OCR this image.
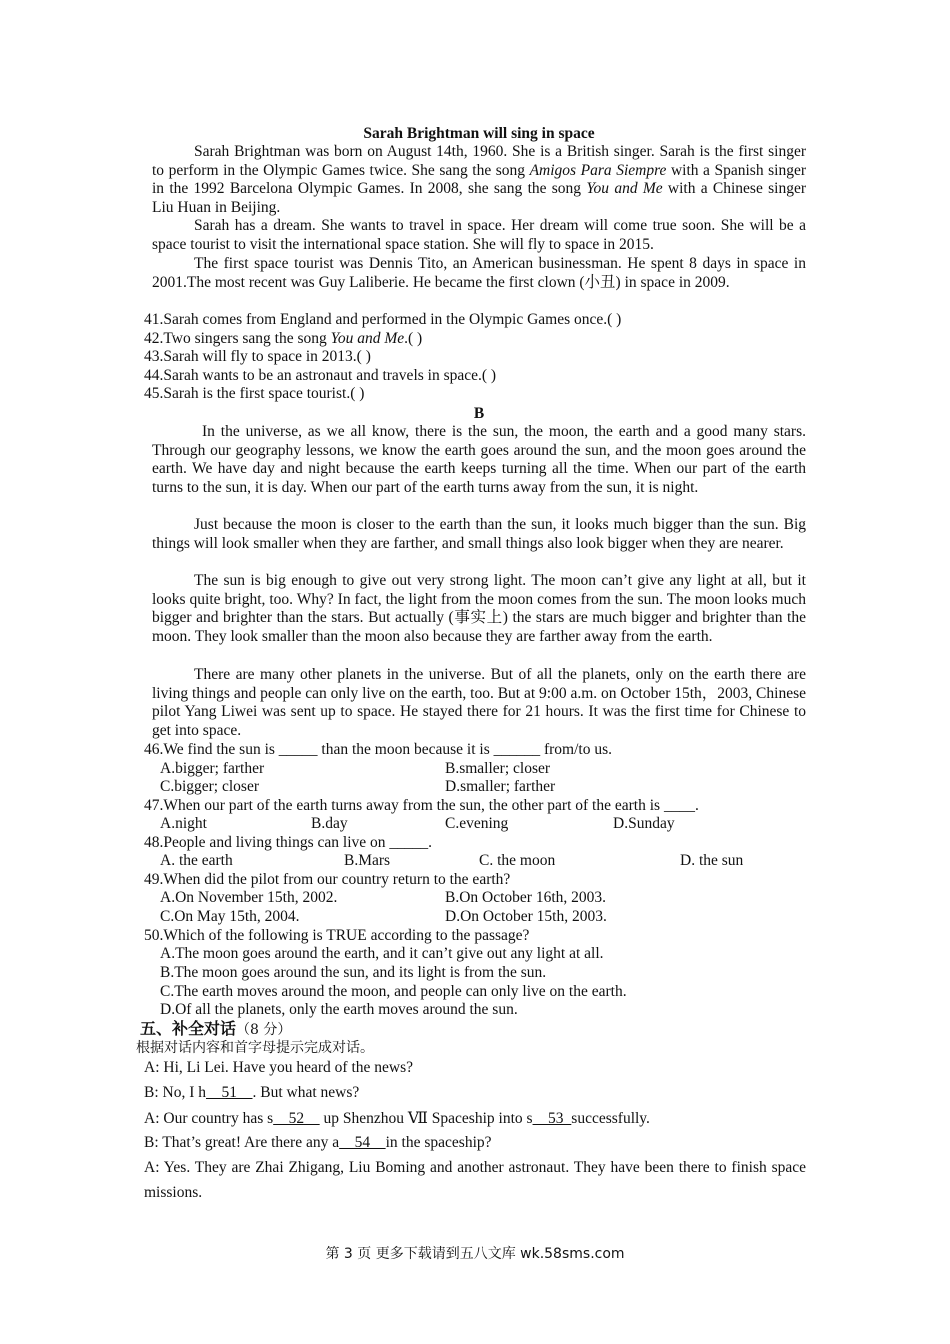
Sarah Brightman will sing in space

Sarah Brightman was born on August 14th, 1960. She is a British singer. Sarah is the first singer to perform in the Olympic Games twice. She sang the song Amigos Para Siempre with a Spanish singer in the 1992 Barcelona Olympic Games. In 2008, she sang the song You and Me with a Chinese singer Liu Huan in Beijing.

Sarah has a dream. She wants to travel in space. Her dream will come true soon. She will be a space tourist to visit the international space station. She will fly to space in 2015.

The first space tourist was Dennis Tito, an American businessman. He spent 8 days in space in 2001.The most recent was Guy Laliberie. He became the first clown (小丑) in space in 2009.

41.Sarah comes from England and performed in the Olympic Games once.( )
42.Two singers sang the song You and Me.( )
43.Sarah will fly to space in 2013.( )
44.Sarah wants to be an astronaut and travels in space.( )
45.Sarah is the first space tourist.( )
B

In the universe, as we all know, there is the sun, the moon, the earth and a good many stars. Through our geography lessons, we know the earth goes around the sun, and the moon goes around the earth. We have day and night because the earth keeps turning all the time. When our part of the earth turns to the sun, it is day. When our part of the earth turns away from the sun, it is night.

Just because the moon is closer to the earth than the sun, it looks much bigger than the sun. Big things will look smaller when they are farther, and small things also look bigger when they are nearer.

The sun is big enough to give out very strong light. The moon can’t give any light at all, but it looks quite bright, too. Why? In fact, the light from the moon comes from the sun. The moon looks much bigger and brighter than the stars. But actually (事实上) the stars are much bigger and brighter than the moon. They look smaller than the moon also because they are farther away from the earth.

There are many other planets in the universe. But of all the planets, only on the earth there are living things and people can only live on the earth, too. But at 9:00 a.m. on October 15th，2003, Chinese pilot Yang Liwei was sent up to space. He stayed there for 21 hours. It was the first time for Chinese to get into space.

46.We find the sun is _____ than the moon because it is ______ from/to us.
A.bigger; farther	B.smaller; closer
C.bigger; closer	D.smaller; farther
47.When our part of the earth turns away from the sun, the other part of the earth is ____.
A.night	B.day	C.evening	D.Sunday
48.People and living things can live on _____.
A. the earth	B.Mars	C. the moon	D. the sun
49.When did the pilot from our country return to the earth?
A.On November 15th, 2002.	B.On October 16th, 2003.
C.On May 15th, 2004.	D.On October 15th, 2003.
50.Which of the following is TRUE according to the passage?
A.The moon goes around the earth, and it can’t give out any light at all.
B.The moon goes around the sun, and its light is from the sun.
C.The earth moves around the moon, and people can only live on the earth.
D.Of all the planets, only the earth moves around the sun.
五、补全对话（8 分）
根据对话内容和首字母提示完成对话。
A: Hi, Li Lei. Have you heard of the news?
B: No, I h    51    . But what news?
A: Our country has s    52     up Shenzhou Ⅶ Spaceship into s    53  successfully.
B: That’s great! Are there any a    54    in the spaceship?
A: Yes. They are Zhai Zhigang, Liu Boming and another astronaut. They have been there to finish space missions.
第 3 页 更多下载请到五八文库 wk.58sms.com
